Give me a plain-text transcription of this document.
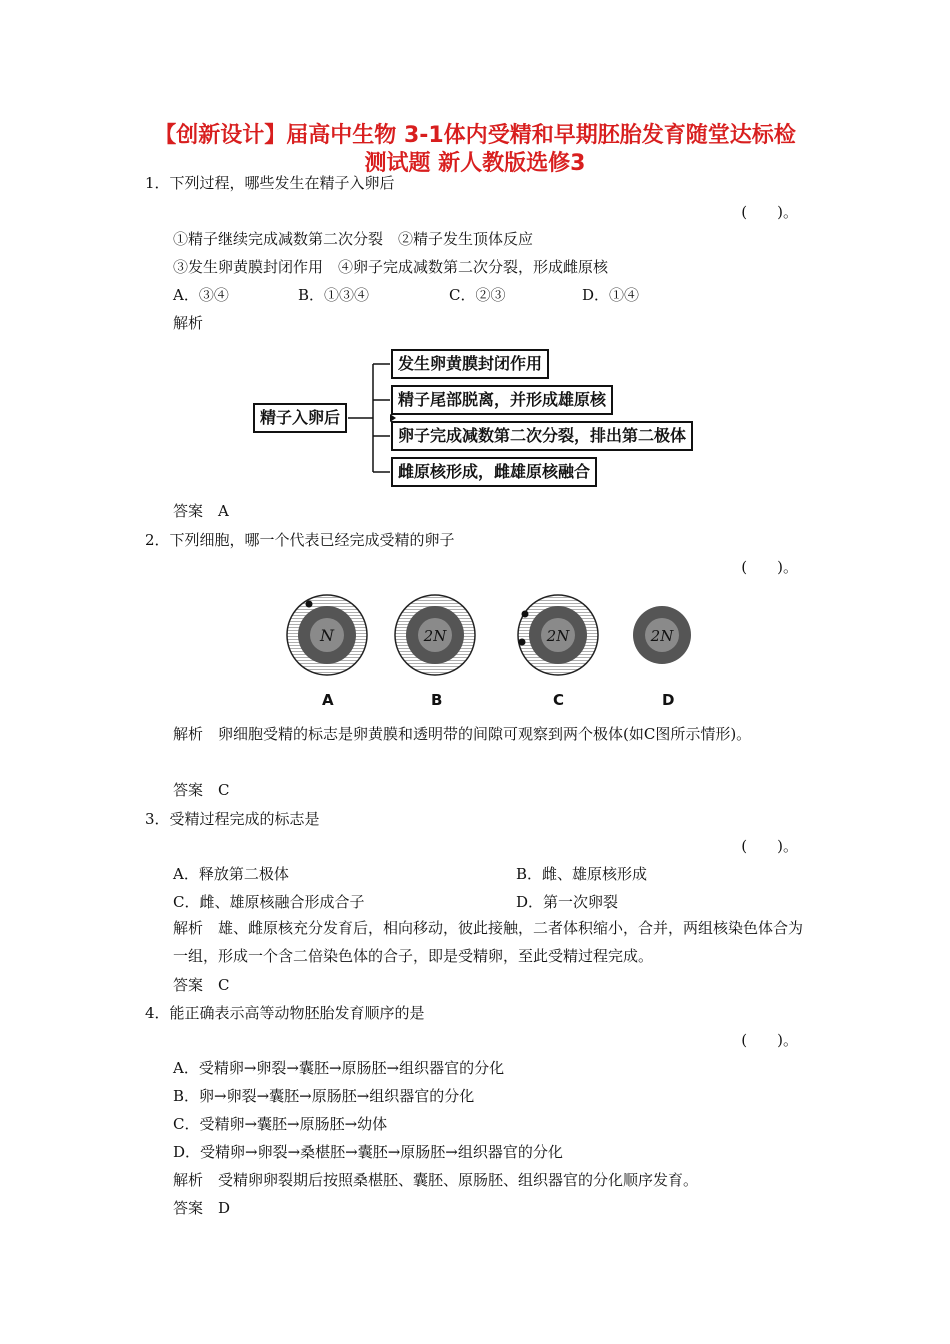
【创新设计】届高中生物 3-1体内受精和早期胚胎发育随堂达标检
测试题 新人教版选修3
1．下列过程，哪些发生在精子入卵后
(　　)。
①精子继续完成减数第二次分裂　②精子发生顶体反应
③发生卵黄膜封闭作用　④卵子完成减数第二次分裂，形成雌原核
A．③④	B．①③④	C．②③	D．①④
解析
精子入卵后
发生卵黄膜封闭作用
精子尾部脱离，并形成雄原核
卵子完成减数第二次分裂，排出第二极体
雌原核形成，雌雄原核融合
答案　A
2．下列细胞，哪一个代表已经完成受精的卵子
(　　)。
N	2N	2N	2N
A	B	C	D
解析　卵细胞受精的标志是卵黄膜和透明带的间隙可观察到两个极体(如C图所示情形)。
答案　C
3．受精过程完成的标志是
(　　)。
A．释放第二极体	B．雌、雄原核形成
C．雌、雄原核融合形成合子	D．第一次卵裂
解析　雄、雌原核充分发育后，相向移动，彼此接触，二者体积缩小，合并，两组核染色体合为一组，形成一个含二倍染色体的合子，即是受精卵，至此受精过程完成。
答案　C
4．能正确表示高等动物胚胎发育顺序的是
(　　)。
A．受精卵→卵裂→囊胚→原肠胚→组织器官的分化
B．卵→卵裂→囊胚→原肠胚→组织器官的分化
C．受精卵→囊胚→原肠胚→幼体
D．受精卵→卵裂→桑椹胚→囊胚→原肠胚→组织器官的分化
解析　受精卵卵裂期后按照桑椹胚、囊胚、原肠胚、组织器官的分化顺序发育。
答案　D
